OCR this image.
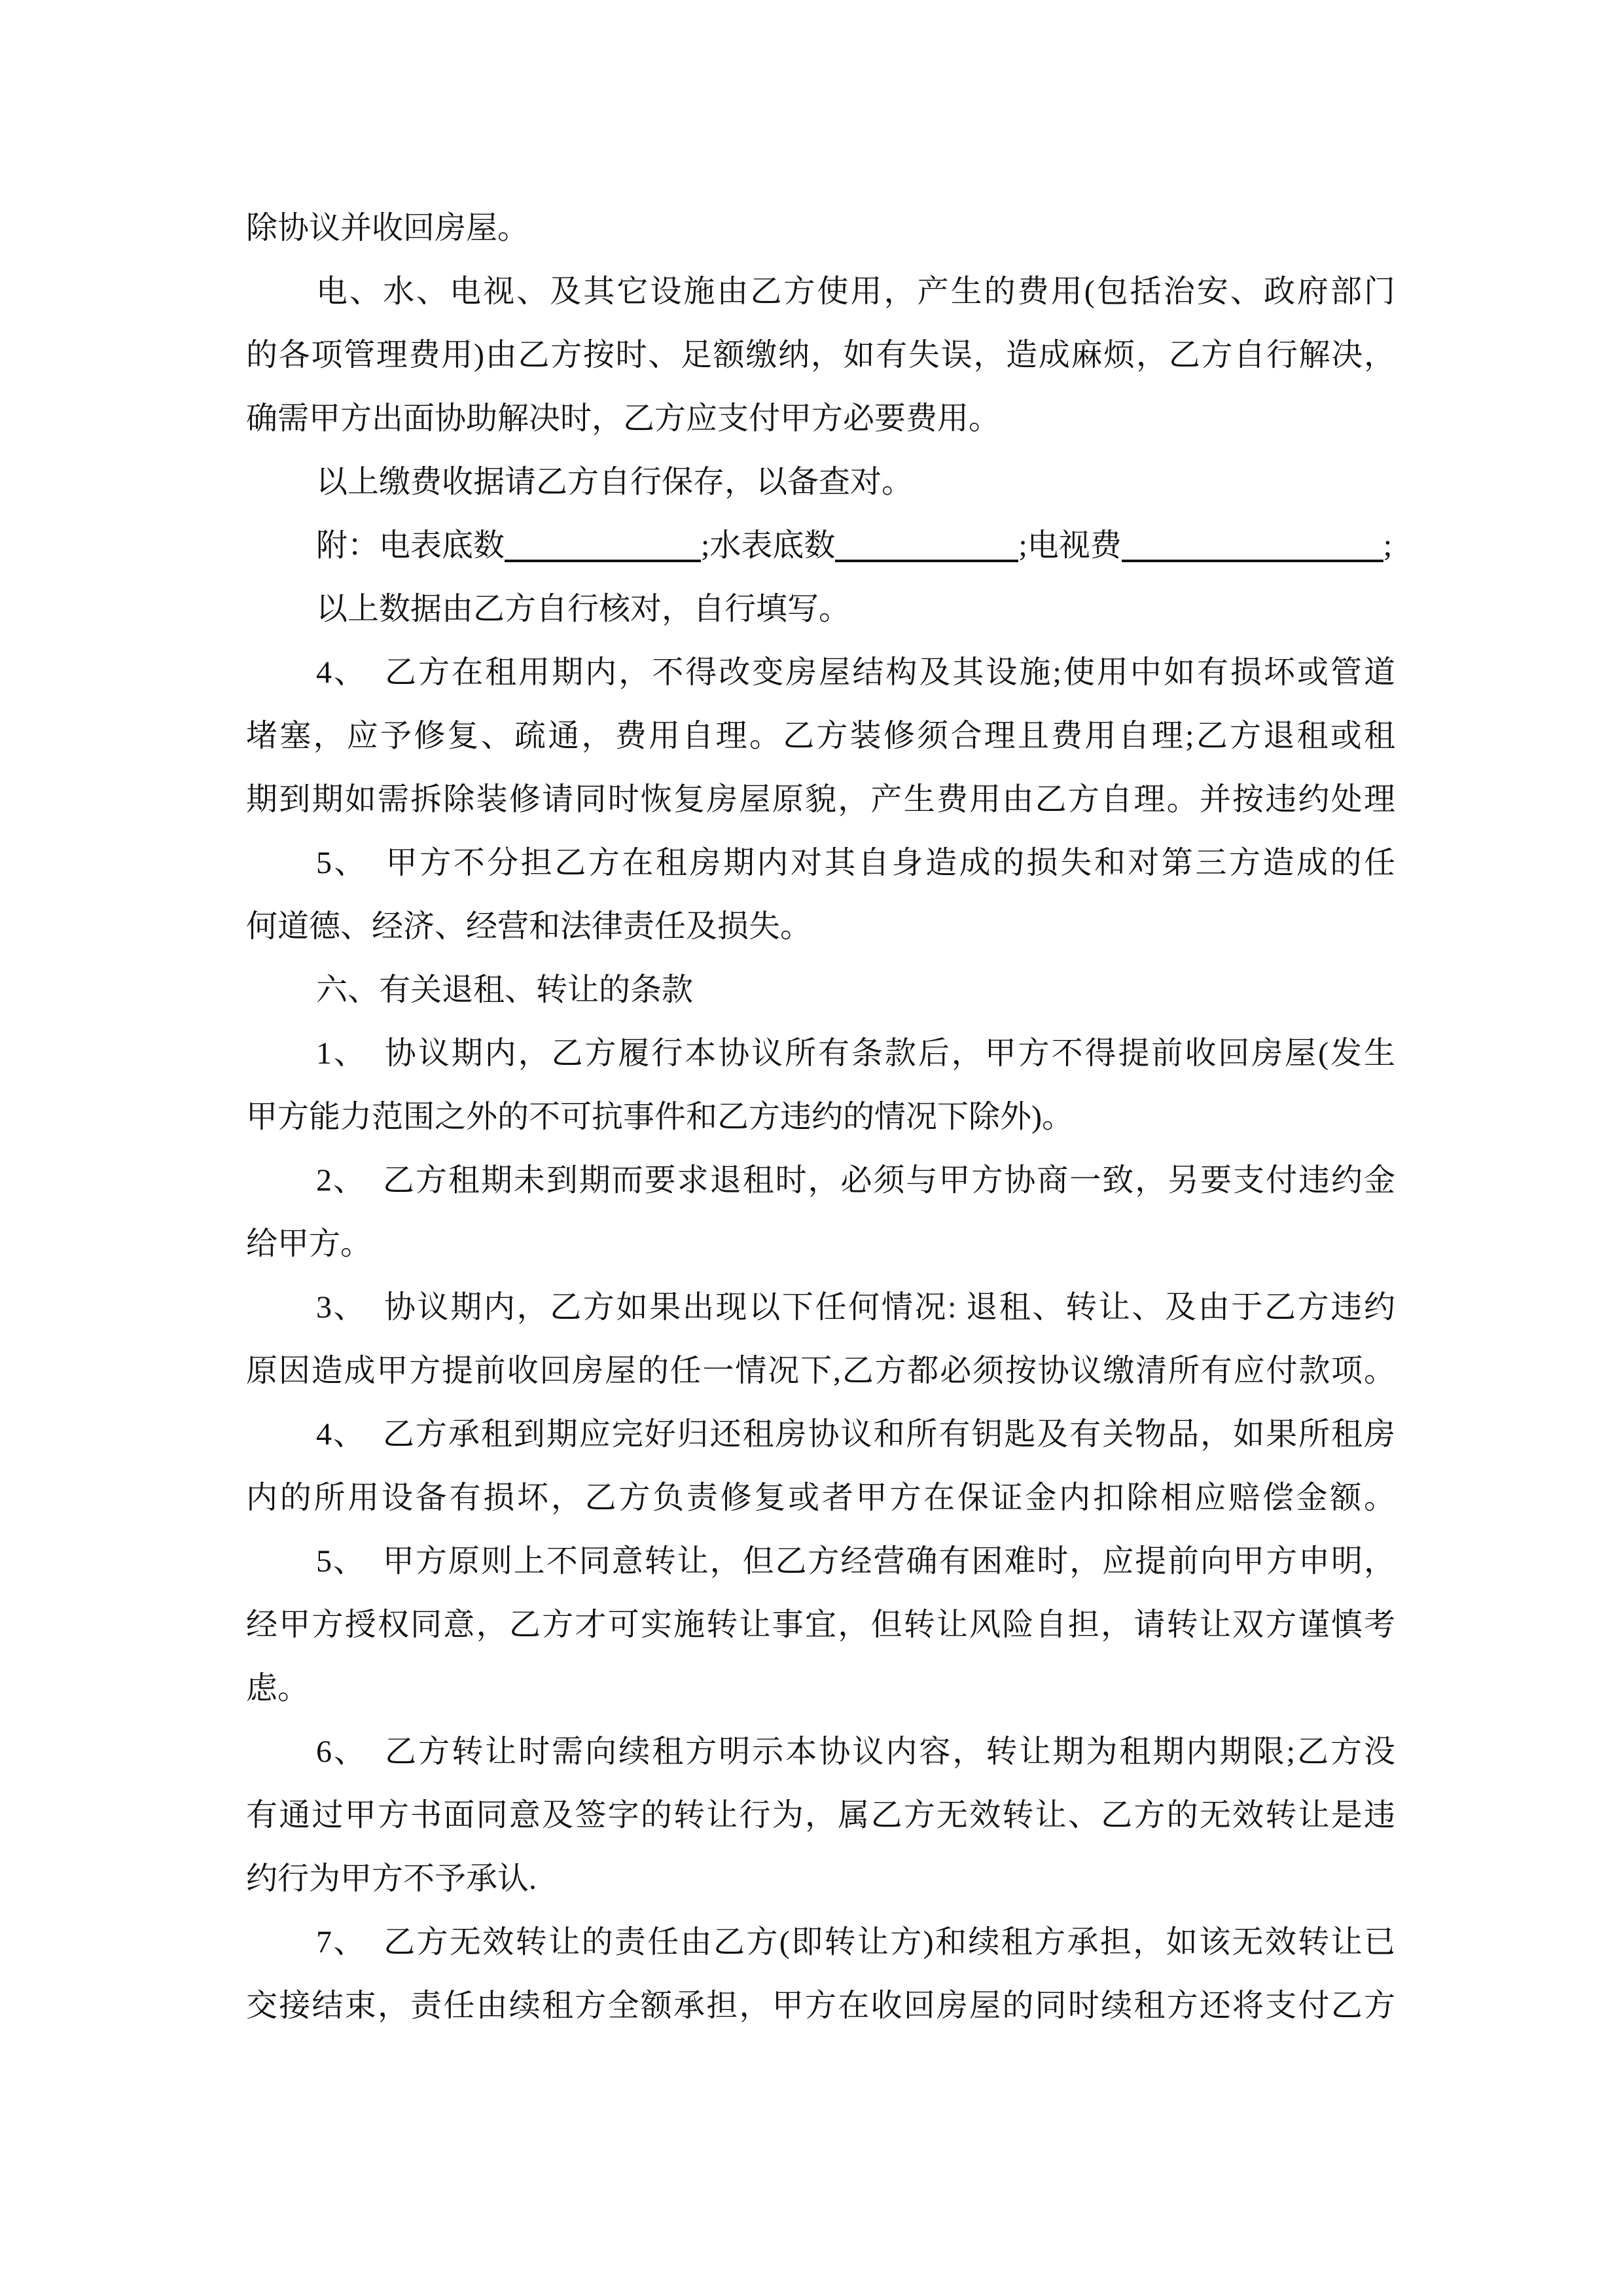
除协议并收回房屋。
电、水、电视、及其它设施由乙方使用，产生的费用(包括治安、政府部门
的各项管理费用)由乙方按时、足额缴纳，如有失误，造成麻烦，乙方自行解决，
确需甲方出面协助解决时，乙方应支付甲方必要费用。
以上缴费收据请乙方自行保存，以备查对。
附：电表底数	;水表底数	;电视费	;
以上数据由乙方自行核对，自行填写。
4、　乙方在租用期内，不得改变房屋结构及其设施;使用中如有损坏或管道
堵塞，应予修复、疏通，费用自理。乙方装修须合理且费用自理;乙方退租或租
期到期如需拆除装修请同时恢复房屋原貌，产生费用由乙方自理。并按违约处理
5、　甲方不分担乙方在租房期内对其自身造成的损失和对第三方造成的任
何道德、经济、经营和法律责任及损失。
六、有关退租、转让的条款
1、　协议期内，乙方履行本协议所有条款后，甲方不得提前收回房屋(发生
甲方能力范围之外的不可抗事件和乙方违约的情况下除外)。
2、　乙方租期未到期而要求退租时，必须与甲方协商一致，另要支付违约金
给甲方。
3、　协议期内，乙方如果出现以下任何情况: 退租、转让、及由于乙方违约
原因造成甲方提前收回房屋的任一情况下,乙方都必须按协议缴清所有应付款项。
4、　乙方承租到期应完好归还租房协议和所有钥匙及有关物品，如果所租房
内的所用设备有损坏，乙方负责修复或者甲方在保证金内扣除相应赔偿金额。
5、　甲方原则上不同意转让，但乙方经营确有困难时，应提前向甲方申明，
经甲方授权同意，乙方才可实施转让事宜，但转让风险自担，请转让双方谨慎考
虑。
6、　乙方转让时需向续租方明示本协议内容，转让期为租期内期限;乙方没
有通过甲方书面同意及签字的转让行为，属乙方无效转让、乙方的无效转让是违
约行为甲方不予承认.
7、　乙方无效转让的责任由乙方(即转让方)和续租方承担，如该无效转让已
交接结束，责任由续租方全额承担，甲方在收回房屋的同时续租方还将支付乙方
